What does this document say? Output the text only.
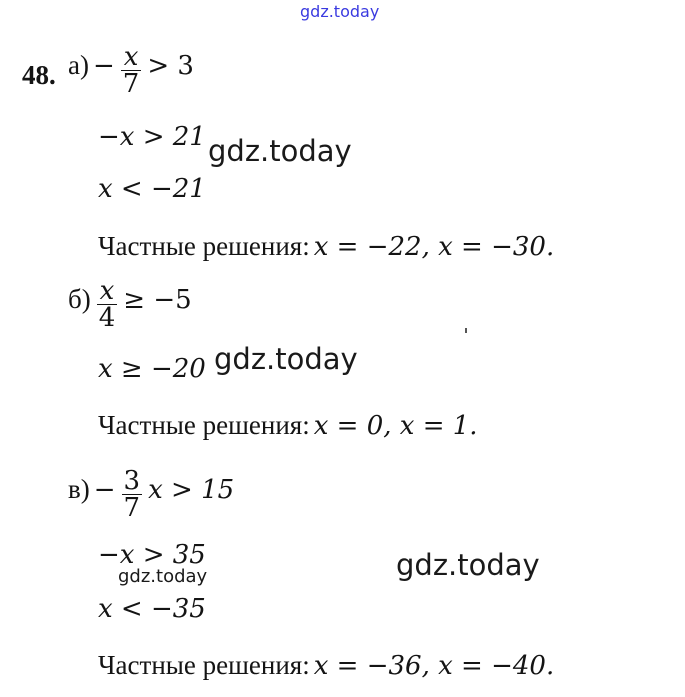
gdz.today
48. $а) - \frac{x}{7} > 3$
−x > 21 gdz.today
x < −21
Частные решения: x = −22, x = −30.
$б) \frac{x}{4} \ge -5$
x ≥ −20 gdz.today
Частные решения: x = 0, x = 1.
$в) - \frac{3}{7}$ x > 15
−x > 35
gdz.today	gdz.today
x < −35
Частные решения: x = −36, x = −40.
